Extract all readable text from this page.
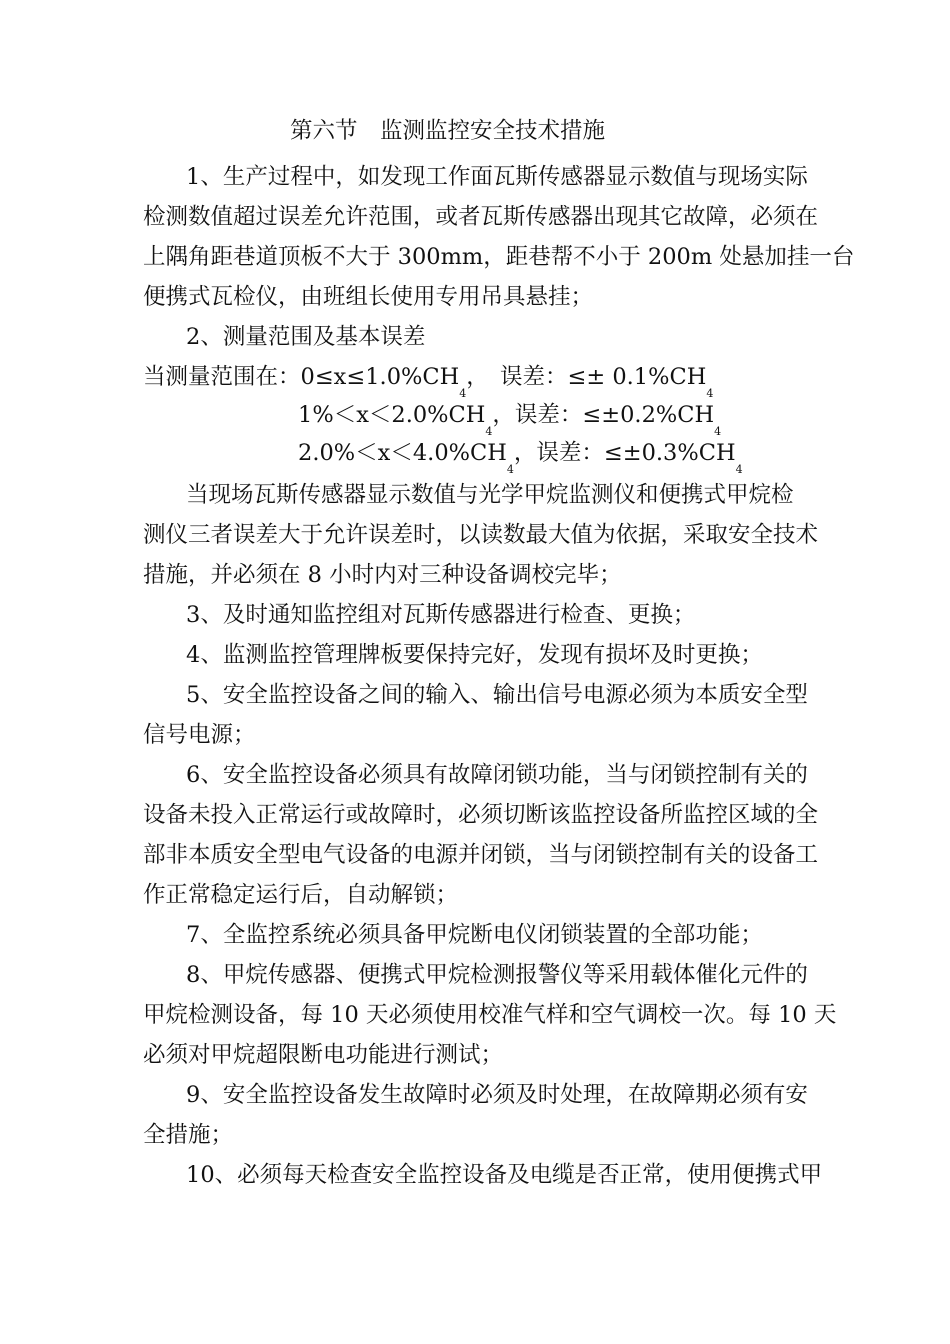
第六节　监测监控安全技术措施
1、生产过程中，如发现工作面瓦斯传感器显示数值与现场实际
检测数值超过误差允许范围，或者瓦斯传感器出现其它故障，必须在
上隅角距巷道顶板不大于 300mm，距巷帮不小于 200m 处悬加挂一台
便携式瓦检仪，由班组长使用专用吊具悬挂；
2、测量范围及基本误差
当测量范围在：$0\le x\le 1.0\%CH_4$，　误差：≤± $0.1\%CH_4$
$1\%<x<2.0\%CH_4$，误差：$\le\pm 0.2\%CH_4$
$2.0\%<x<4.0\%CH_4$，误差：$\le\pm 0.3\%CH_4$
当现场瓦斯传感器显示数值与光学甲烷监测仪和便携式甲烷检
测仪三者误差大于允许误差时，以读数最大值为依据，采取安全技术
措施，并必须在 8 小时内对三种设备调校完毕；
3、及时通知监控组对瓦斯传感器进行检查、更换；
4、监测监控管理牌板要保持完好，发现有损坏及时更换；
5、安全监控设备之间的输入、输出信号电源必须为本质安全型
信号电源；
6、安全监控设备必须具有故障闭锁功能，当与闭锁控制有关的
设备未投入正常运行或故障时，必须切断该监控设备所监控区域的全
部非本质安全型电气设备的电源并闭锁，当与闭锁控制有关的设备工
作正常稳定运行后，自动解锁；
7、全监控系统必须具备甲烷断电仪闭锁装置的全部功能；
8、甲烷传感器、便携式甲烷检测报警仪等采用载体催化元件的
甲烷检测设备，每 10 天必须使用校准气样和空气调校一次。每 10 天
必须对甲烷超限断电功能进行测试；
9、安全监控设备发生故障时必须及时处理，在故障期必须有安
全措施；
10、必须每天检查安全监控设备及电缆是否正常，使用便携式甲
